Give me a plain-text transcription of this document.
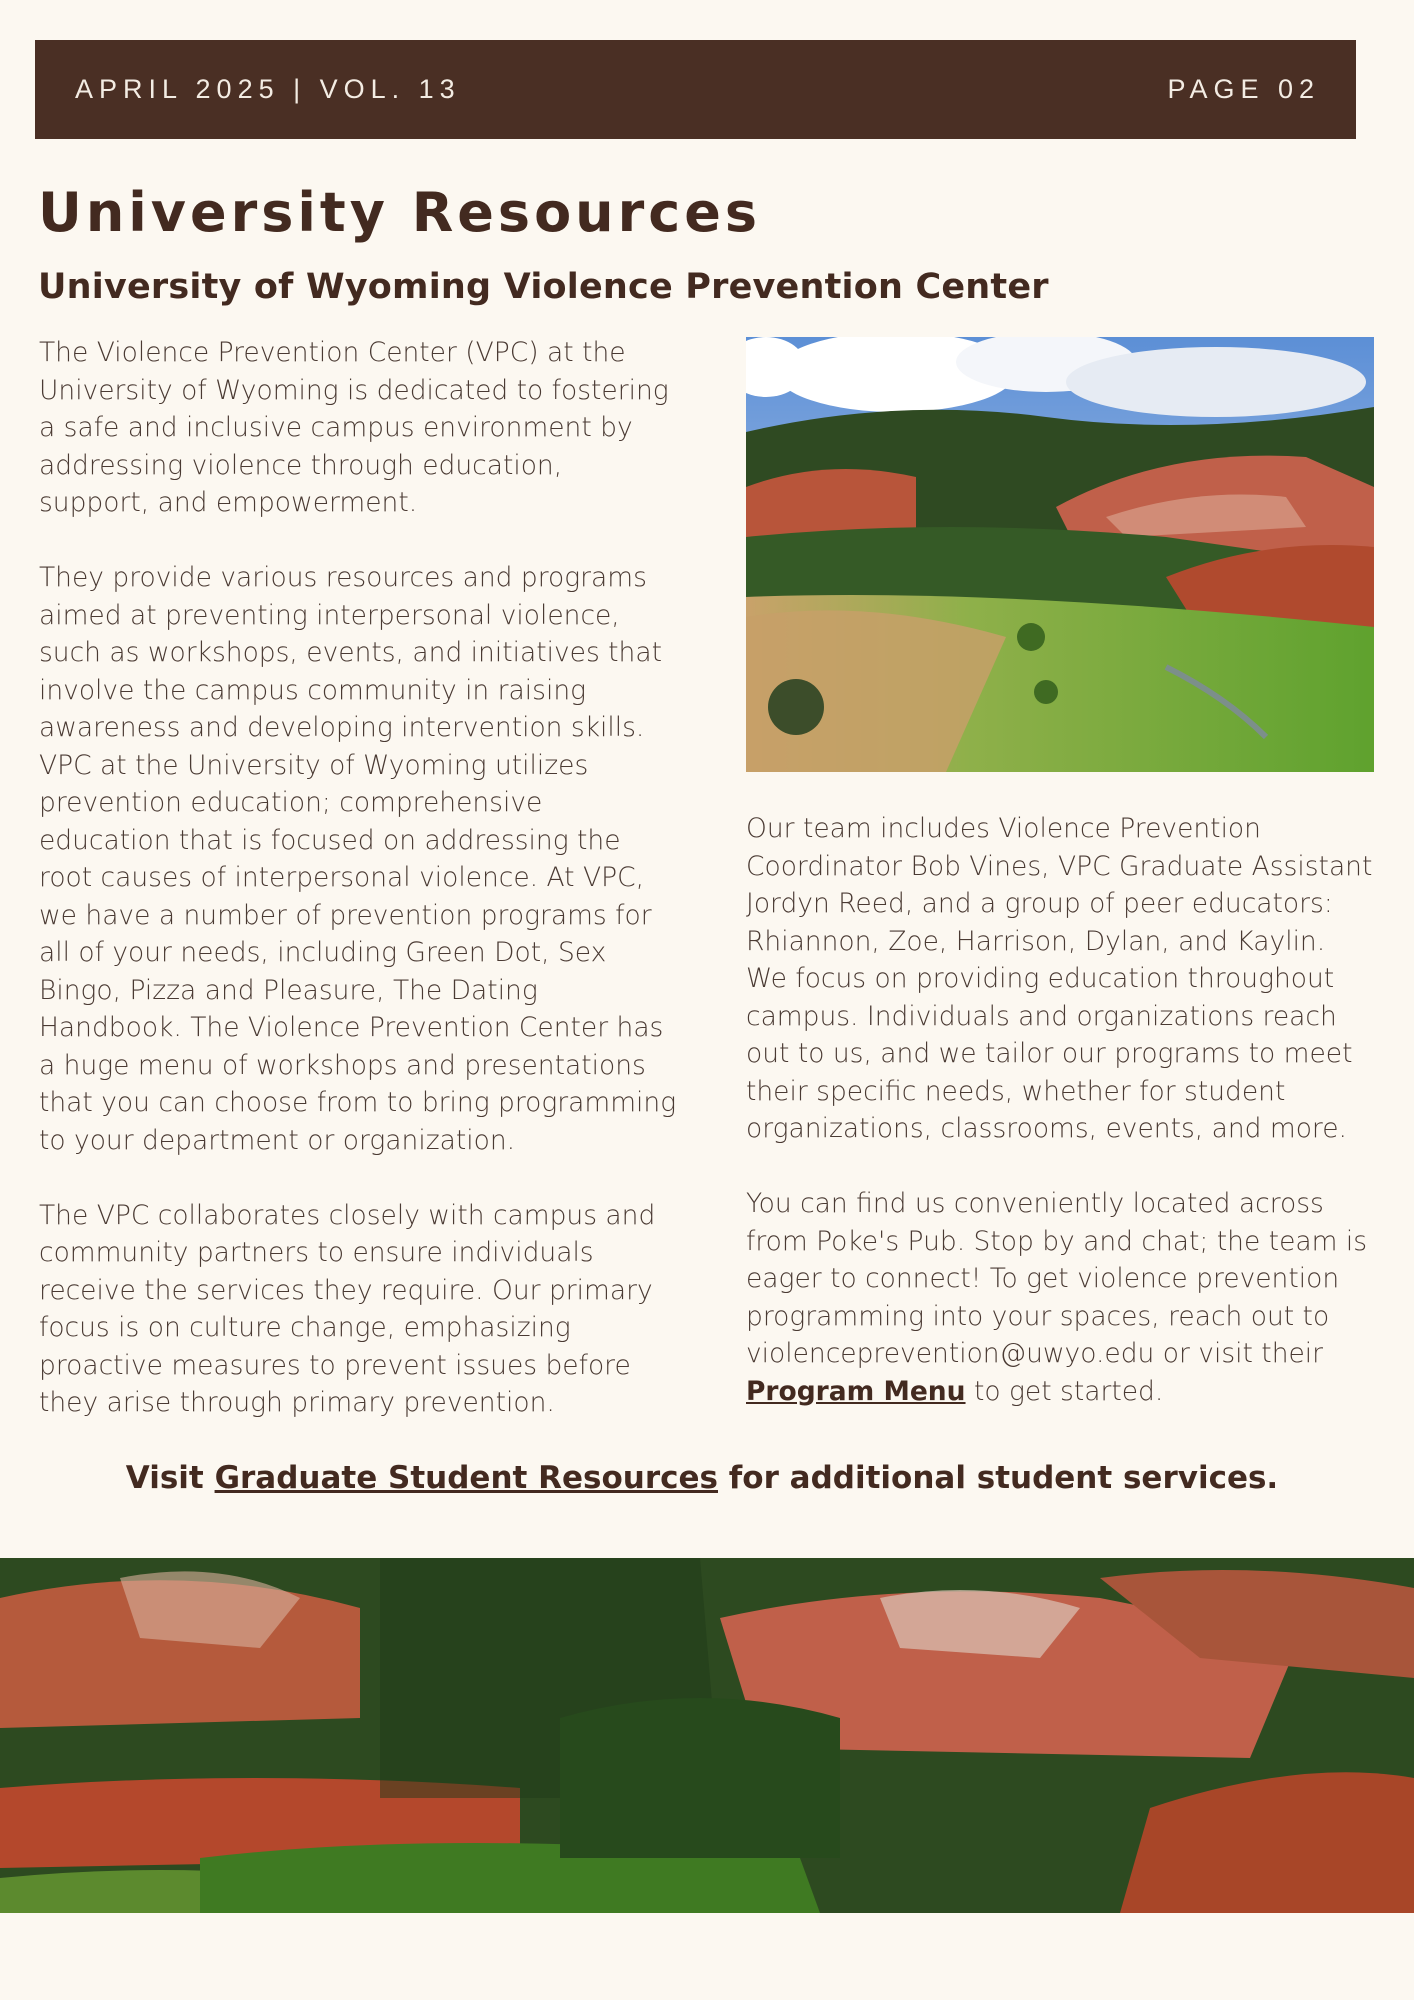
APRIL 2025 | VOL. 13	PAGE 02
University Resources
University of Wyoming Violence Prevention Center

The Violence Prevention Center (VPC) at the University of Wyoming is dedicated to fostering a safe and inclusive campus environment by addressing violence through education, support, and empowerment.

They provide various resources and programs aimed at preventing interpersonal violence, such as workshops, events, and initiatives that involve the campus community in raising awareness and developing intervention skills. VPC at the University of Wyoming utilizes prevention education; comprehensive education that is focused on addressing the root causes of interpersonal violence. At VPC, we have a number of prevention programs for all of your needs, including Green Dot, Sex Bingo, Pizza and Pleasure, The Dating Handbook. The Violence Prevention Center has a huge menu of workshops and presentations that you can choose from to bring programming to your department or organization.

The VPC collaborates closely with campus and community partners to ensure individuals receive the services they require. Our primary focus is on culture change, emphasizing proactive measures to prevent issues before they arise through primary prevention.

Our team includes Violence Prevention Coordinator Bob Vines, VPC Graduate Assistant Jordyn Reed, and a group of peer educators: Rhiannon, Zoe, Harrison, Dylan, and Kaylin.

We focus on providing education throughout campus. Individuals and organizations reach out to us, and we tailor our programs to meet their specific needs, whether for student organizations, classrooms, events, and more.

You can find us conveniently located across from Poke's Pub. Stop by and chat; the team is eager to connect! To get violence prevention programming into your spaces, reach out to violenceprevention@uwyo.edu or visit their
Program Menu to get started.

Visit Graduate Student Resources for additional student services.
